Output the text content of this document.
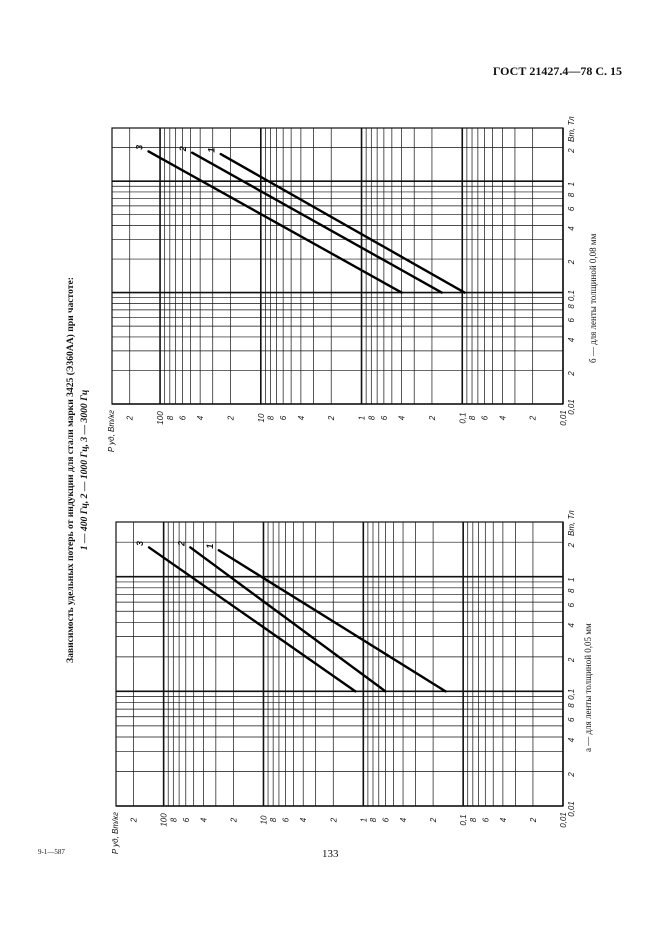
ГОСТ 21427.4—78 С. 15
Зависимость удельных потерь от индукции для стали марки 3425 (Э360АА) при частоте: 1 — 400 Гц, 2 — 1000 Гц, 3 — 3000 Гц	0,01
2
4
6
8
0,1
2
4
6
8
1
2
Bm, Тл
0,01
2
4
6
8
0,1
2
4
6
8
1
2
4
6
8
10
2
4
6
8
100
2
P уд, Вт/кг
1
2
3
0,01
2
4
6
8
0,1
2
4
6
8
1
2
Bm, Тл
0,01
2
4
6
8
0,1
2
4
6
8
1
2
4
6
8
10
2
4
6
8
100
2
P уд, Вт/кг
1
2
3
б — для ленты толщиной 0,08 мм
а — для ленты толщиной 0,05 мм
9-1—587	133
